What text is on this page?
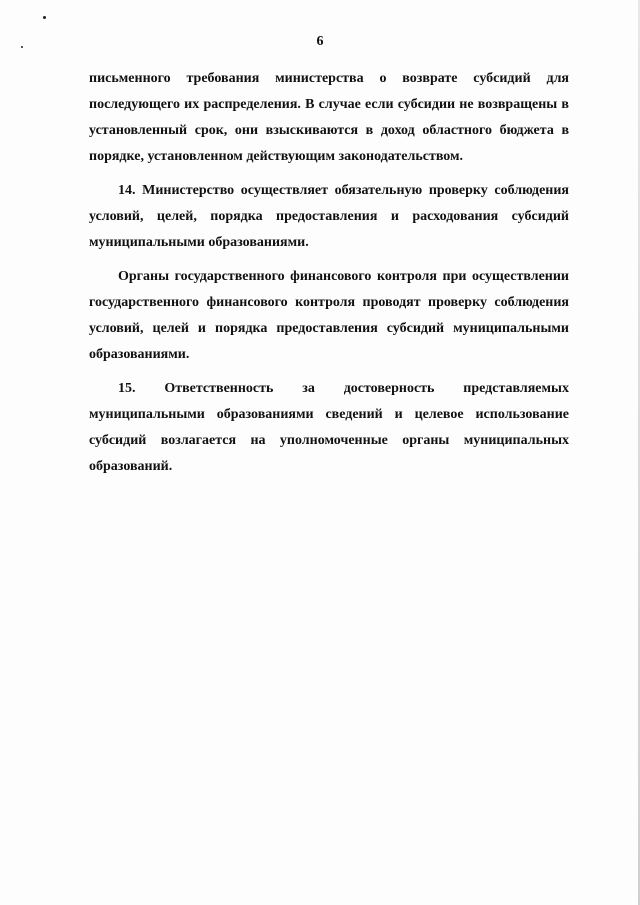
6

письменного требования министерства о возврате субсидий для последующего их распределения. В случае если субсидии не возвращены в установленный срок, они взыскиваются в доход областного бюджета в порядке, установленном действующим законодательством.

14. Министерство осуществляет обязательную проверку соблюдения условий, целей, порядка предоставления и расходования субсидий муниципальными образованиями.

Органы государственного финансового контроля при осуществлении государственного финансового контроля проводят проверку соблюдения условий, целей и порядка предоставления субсидий муниципальными образованиями.

15. Ответственность за достоверность представляемых муниципальными образованиями сведений и целевое использование субсидий возлагается на уполномоченные органы муниципальных образований.
